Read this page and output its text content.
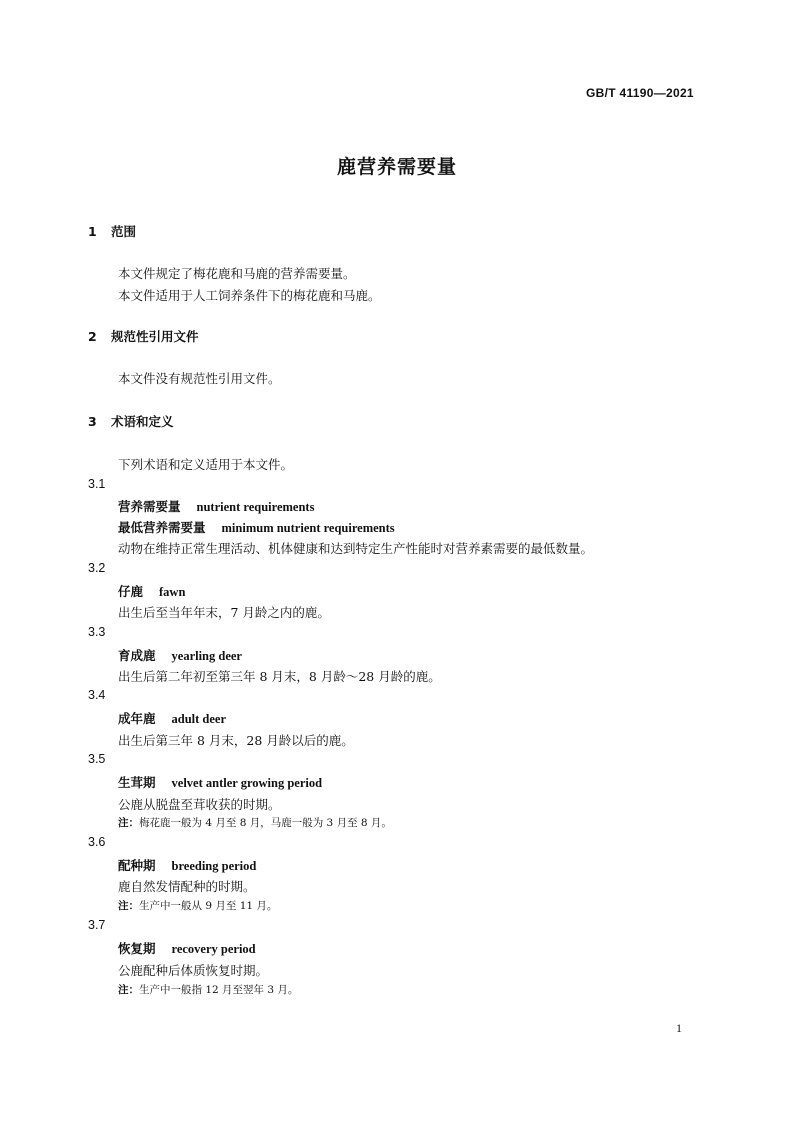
GB/T 41190—2021
鹿营养需要量
1 范围
本文件规定了梅花鹿和马鹿的营养需要量。
本文件适用于人工饲养条件下的梅花鹿和马鹿。
2 规范性引用文件
本文件没有规范性引用文件。
3 术语和定义
下列术语和定义适用于本文件。
3.1
营养需要量 nutrient requirements
最低营养需要量 minimum nutrient requirements
动物在维持正常生理活动、机体健康和达到特定生产性能时对营养素需要的最低数量。
3.2
仔鹿 fawn
出生后至当年年末，7 月龄之内的鹿。
3.3
育成鹿 yearling deer
出生后第二年初至第三年 8 月末，8 月龄～28 月龄的鹿。
3.4
成年鹿 adult deer
出生后第三年 8 月末，28 月龄以后的鹿。
3.5
生茸期 velvet antler growing period
公鹿从脱盘至茸收获的时期。
注：梅花鹿一般为 4 月至 8 月，马鹿一般为 3 月至 8 月。
3.6
配种期 breeding period
鹿自然发情配种的时期。
注：生产中一般从 9 月至 11 月。
3.7
恢复期 recovery period
公鹿配种后体质恢复时期。
注：生产中一般指 12 月至翌年 3 月。
1
